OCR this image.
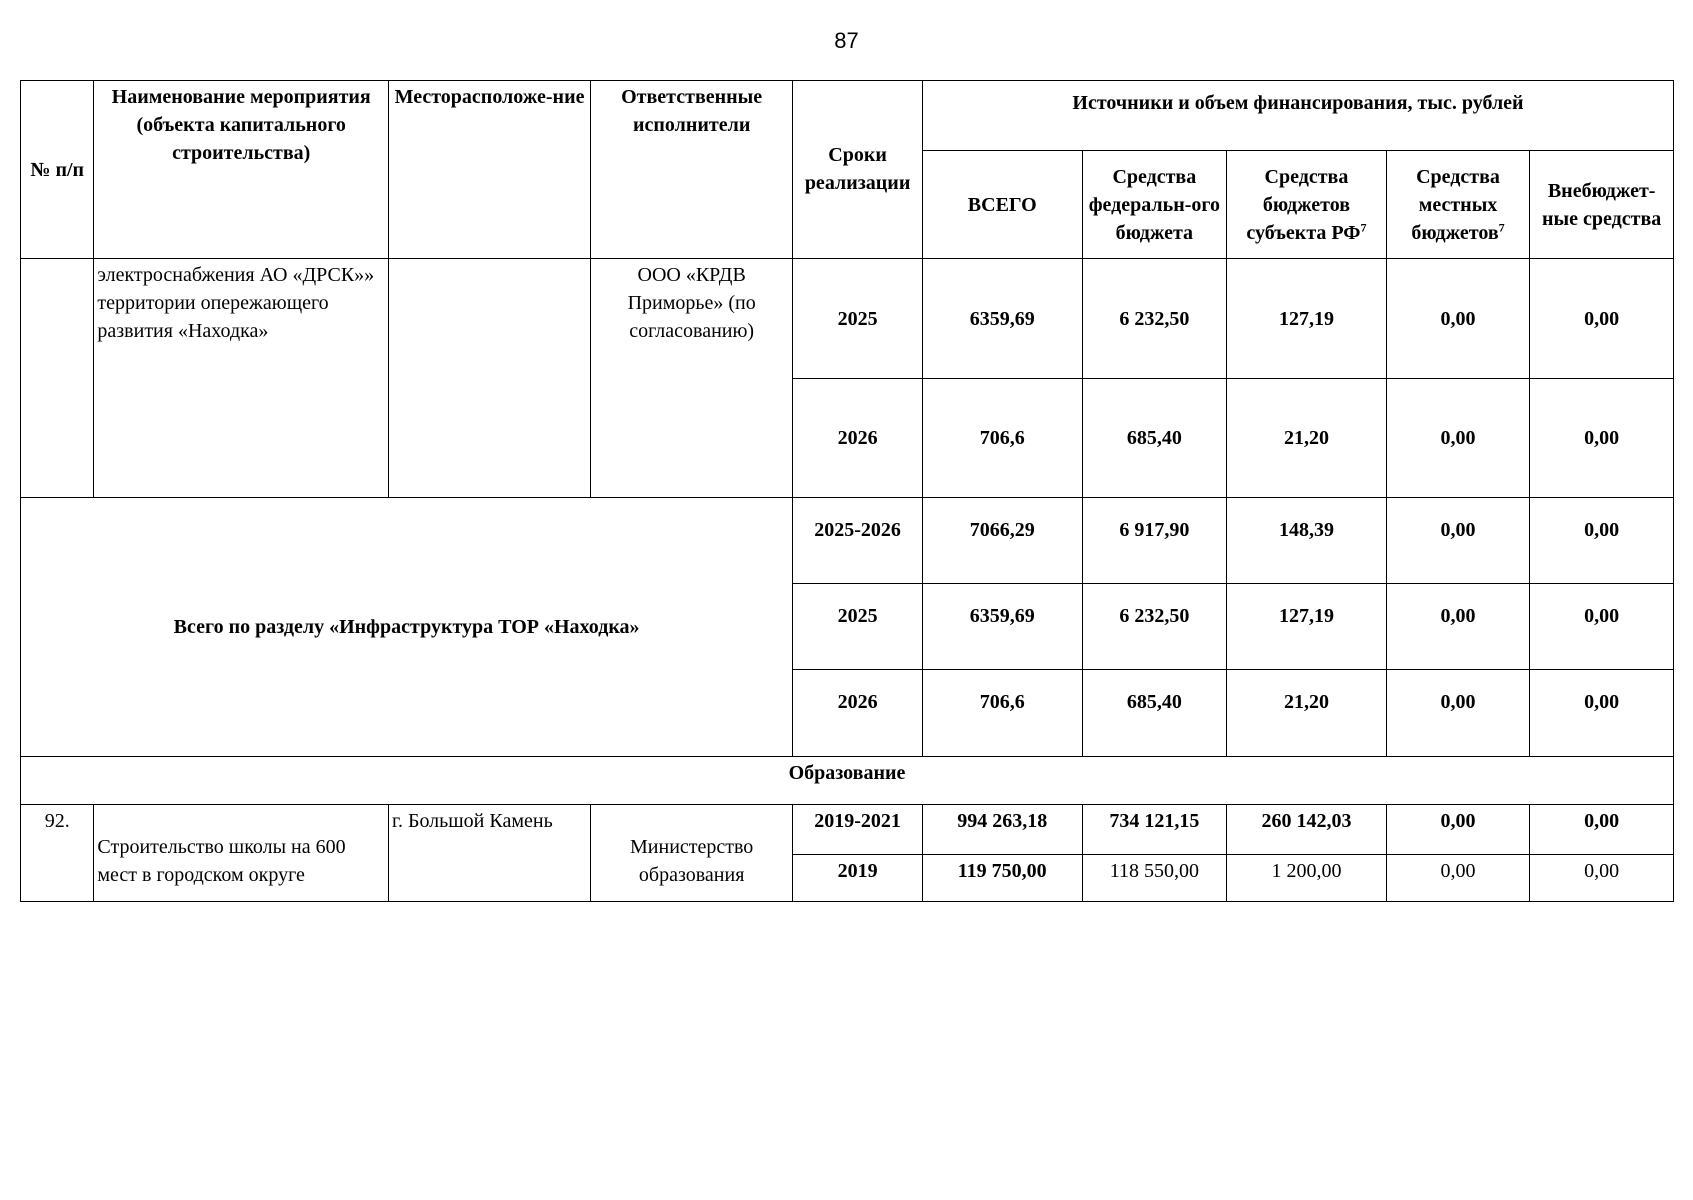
87
№ п/п	Наименование мероприятия (объекта капитального строительства)	Месторасположе-ние	Ответственные исполнители	Сроки реализации	Источники и объем финансирования, тыс. рублей				
					ВСЕГО	Средства федеральн-ого бюджета	Средства бюджетов субъекта $РФ^7$	Средства местных бюджетов$^7$	Внебюджет-ные средства
	электроснабжения АО «ДРСК»» территории опережающего развития «Находка»		ООО «КРДВ Приморье» (по согласованию)	2025	6359,69	6 232,50	127,19	0,00	0,00
				2026	706,6	685,40	21,20	0,00	0,00
Всего по разделу «Инфраструктура ТОР «Находка»				2025-2026	7066,29	6 917,90	148,39	0,00	0,00
				2025	6359,69	6 232,50	127,19	0,00	0,00
				2026	706,6	685,40	21,20	0,00	0,00
Образование									
92.	Строительство школы на 600 мест в городском округе	г. Большой Камень	Министерство образования	2019-2021	994 263,18	734 121,15	260 142,03	0,00	0,00
				2019	119 750,00	118 550,00	1 200,00	0,00	0,00
